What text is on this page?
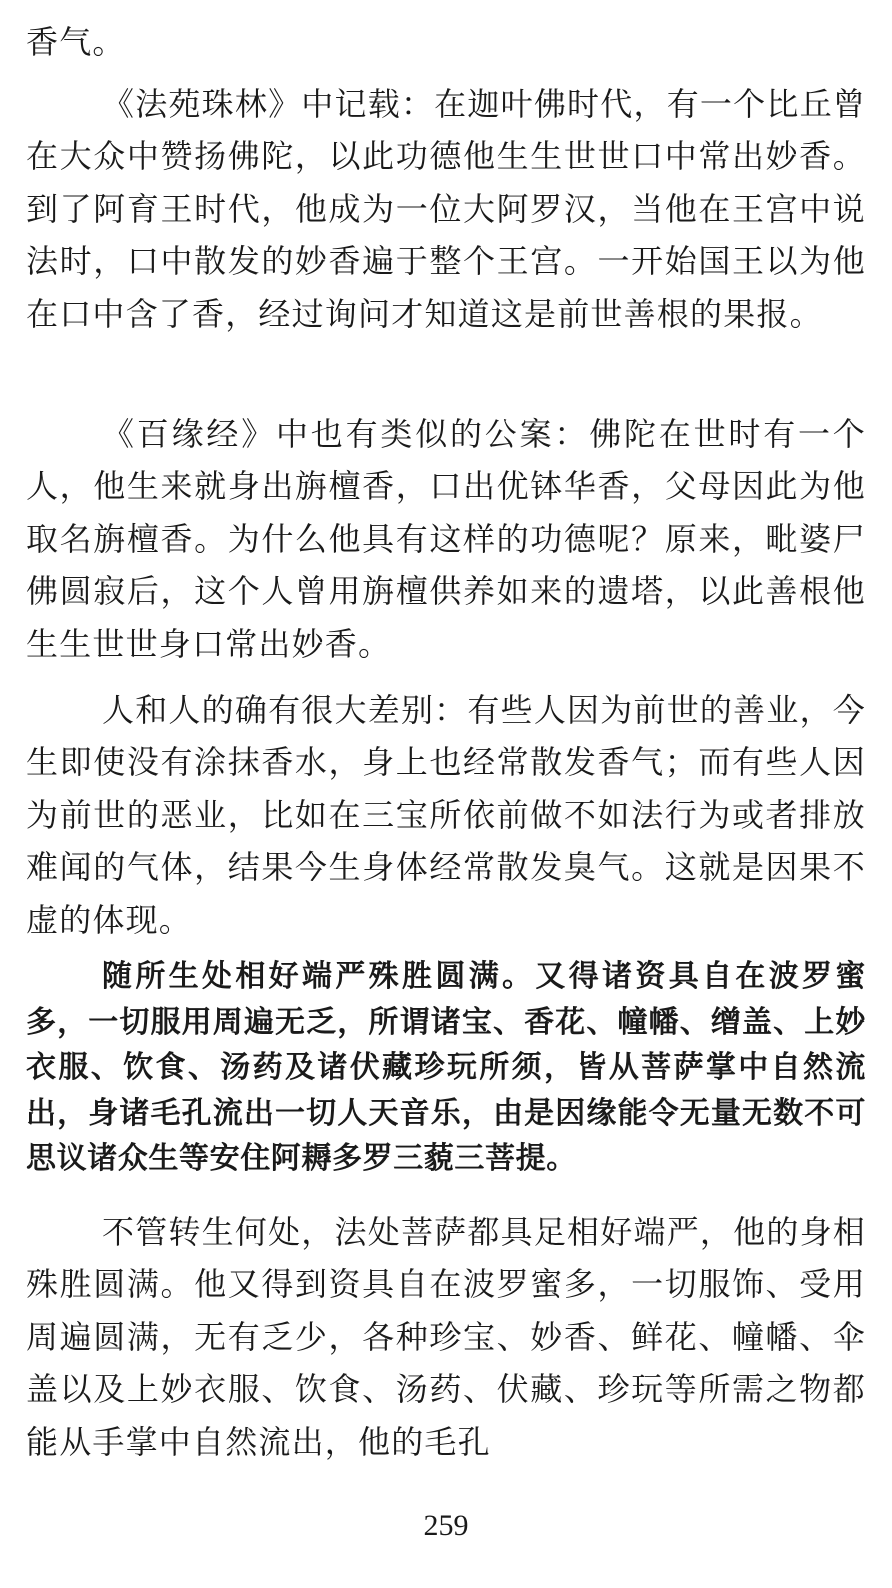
香气。

《法苑珠林》中记载：在迦叶佛时代，有一个比丘曾在大众中赞扬佛陀，以此功德他生生世世口中常出妙香。到了阿育王时代，他成为一位大阿罗汉，当他在王宫中说法时，口中散发的妙香遍于整个王宫。一开始国王以为他在口中含了香，经过询问才知道这是前世善根的果报。

《百缘经》中也有类似的公案：佛陀在世时有一个人，他生来就身出旃檀香，口出优钵华香，父母因此为他取名旃檀香。为什么他具有这样的功德呢？原来，毗婆尸佛圆寂后，这个人曾用旃檀供养如来的遗塔，以此善根他生生世世身口常出妙香。

人和人的确有很大差别：有些人因为前世的善业，今生即使没有涂抹香水，身上也经常散发香气；而有些人因为前世的恶业，比如在三宝所依前做不如法行为或者排放难闻的气体，结果今生身体经常散发臭气。这就是因果不虚的体现。

随所生处相好端严殊胜圆满。又得诸资具自在波罗蜜多，一切服用周遍无乏，所谓诸宝、香花、幢幡、缯盖、上妙衣服、饮食、汤药及诸伏藏珍玩所须，皆从菩萨掌中自然流出，身诸毛孔流出一切人天音乐，由是因缘能令无量无数不可思议诸众生等安住阿耨多罗三藐三菩提。

不管转生何处，法处菩萨都具足相好端严，他的身相殊胜圆满。他又得到资具自在波罗蜜多，一切服饰、受用周遍圆满，无有乏少，各种珍宝、妙香、鲜花、幢幡、伞盖以及上妙衣服、饮食、汤药、伏藏、珍玩等所需之物都能从手掌中自然流出，他的毛孔

259
